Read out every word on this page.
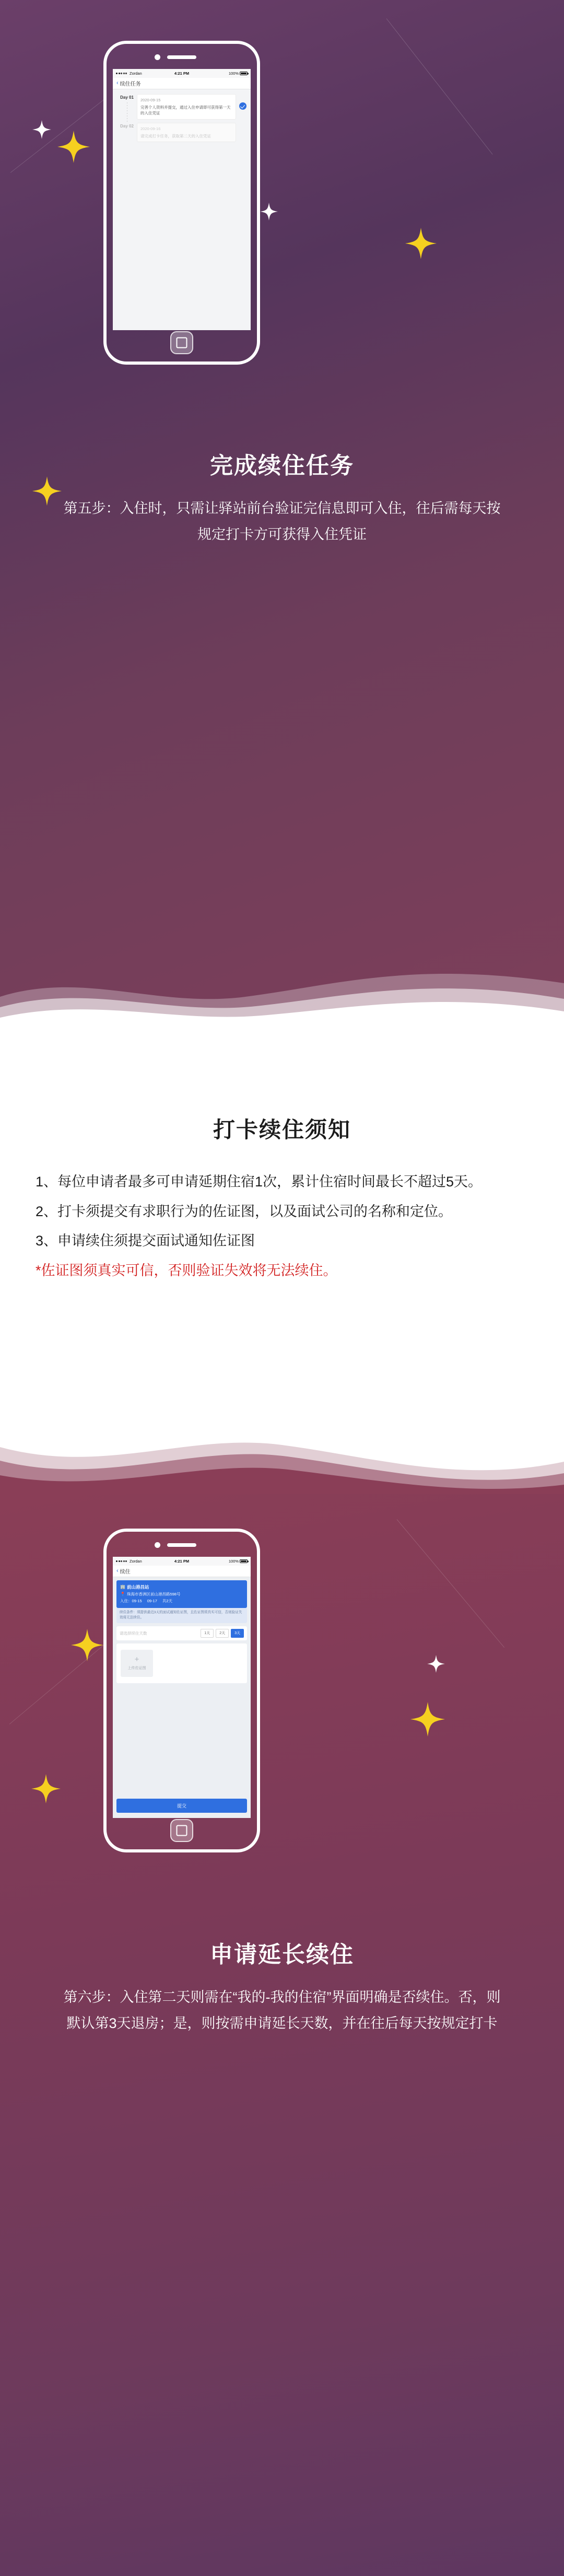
Zordan	4:21 PM	100%
‹ 续住任务
Day 01
2020-09-15
完善个人资料并提交，通过入住申请即可获得第一天的入住凭证
Day 02
2020-09-16
请完成打卡任务，获取第二天的入住凭证
完成续住任务
第五步：入住时，只需让驿站前台验证完信息即可入住，往后需每天按规定打卡方可获得入住凭证
打卡续住须知

1、每位申请者最多可申请延期住宿1次，累计住宿时间最长不超过5天。

2、打卡须提交有求职行为的佐证图，以及面试公司的名称和定位。

3、申请续住须提交面试通知佐证图

*佐证图须真实可信，否则验证失效将无法续住。

Zordan	4:21 PM	100%
‹ 续住
🏢 前山港昌站
📍 珠海市香洲区前山港昌路598号
入住：09-15 09-17 共2天
续住条件：须提供最近3天的面试通知佐证图，且佐证图须真实可信，否则验证失效将无法续住。
请选择续住天数	1天	2天	3天
+
上传佐证图
提交
申请延长续住
第六步：入住第二天则需在“我的-我的住宿”界面明确是否续住。否，则默认第3天退房；是，则按需申请延长天数，并在往后每天按规定打卡
